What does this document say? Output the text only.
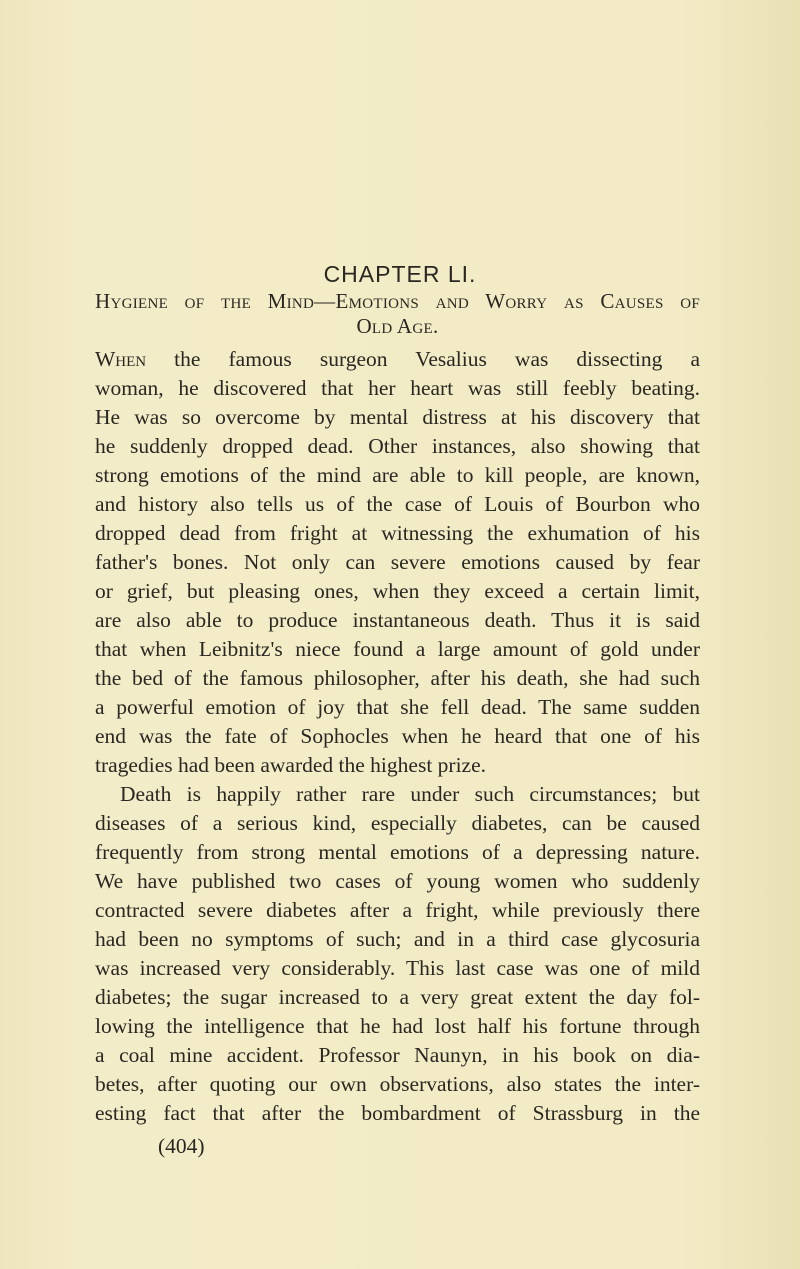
CHAPTER LI.
Hygiene of the Mind—Emotions and Worry as Causes of
Old Age.
When the famous surgeon Vesalius was dissecting a
woman, he discovered that her heart was still feebly beating.
He was so overcome by mental distress at his discovery that
he suddenly dropped dead. Other instances, also showing that
strong emotions of the mind are able to kill people, are known,
and history also tells us of the case of Louis of Bourbon who
dropped dead from fright at witnessing the exhumation of his
father's bones. Not only can severe emotions caused by fear
or grief, but pleasing ones, when they exceed a certain limit,
are also able to produce instantaneous death. Thus it is said
that when Leibnitz's niece found a large amount of gold under
the bed of the famous philosopher, after his death, she had such
a powerful emotion of joy that she fell dead. The same sudden
end was the fate of Sophocles when he heard that one of his
tragedies had been awarded the highest prize.
Death is happily rather rare under such circumstances; but
diseases of a serious kind, especially diabetes, can be caused
frequently from strong mental emotions of a depressing nature.
We have published two cases of young women who suddenly
contracted severe diabetes after a fright, while previously there
had been no symptoms of such; and in a third case glycosuria
was increased very considerably. This last case was one of mild
diabetes; the sugar increased to a very great extent the day fol-
lowing the intelligence that he had lost half his fortune through
a coal mine accident. Professor Naunyn, in his book on dia-
betes, after quoting our own observations, also states the inter-
esting fact that after the bombardment of Strassburg in the
(404)
